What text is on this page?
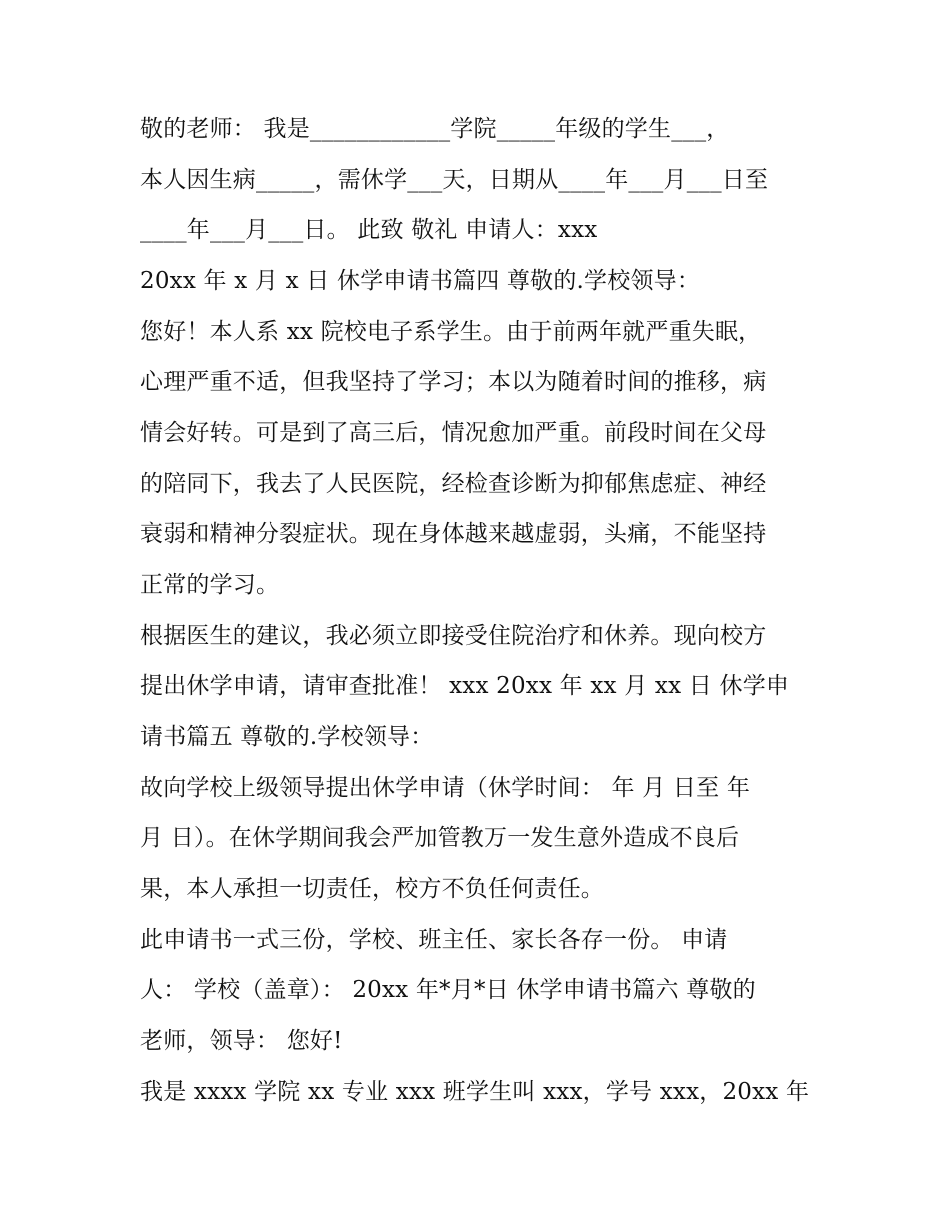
敬的老师： 我是____________学院_____年级的学生___，
本人因生病_____，需休学___天，日期从____年___月___日至
____年___月___日。 此致 敬礼 申请人：xxx
20xx 年 x 月 x 日 休学申请书篇四 尊敬的.学校领导：
您好！本人系 xx 院校电子系学生。由于前两年就严重失眠，
心理严重不适，但我坚持了学习；本以为随着时间的推移，病
情会好转。可是到了高三后，情况愈加严重。前段时间在父母
的陪同下，我去了人民医院，经检查诊断为抑郁焦虑症、神经
衰弱和精神分裂症状。现在身体越来越虚弱，头痛，不能坚持
正常的学习。
根据医生的建议，我必须立即接受住院治疗和休养。现向校方
提出休学申请，请审查批准！ xxx 20xx 年 xx 月 xx 日 休学申
请书篇五 尊敬的.学校领导：
故向学校上级领导提出休学申请（休学时间： 年 月 日至 年
月 日）。在休学期间我会严加管教万一发生意外造成不良后
果，本人承担一切责任，校方不负任何责任。
此申请书一式三份，学校、班主任、家长各存一份。 申请
人： 学校（盖章）： 20xx 年*月*日 休学申请书篇六 尊敬的
老师，领导： 您好!
我是 xxxx 学院 xx 专业 xxx 班学生叫 xxx，学号 xxx，20xx 年
